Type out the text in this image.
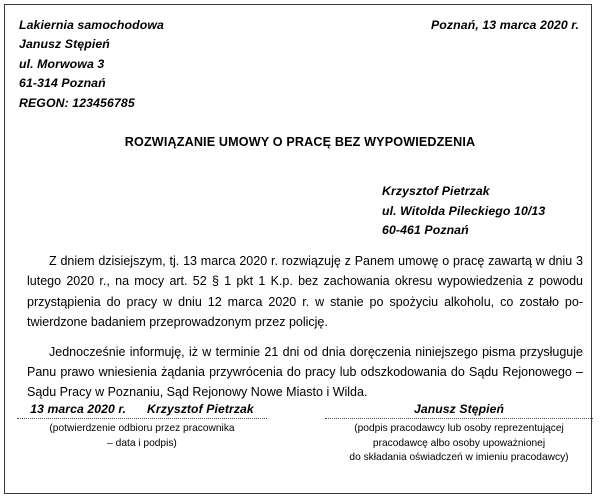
Poznań, 13 marca 2020 r.
Lakiernia samochodowa
Janusz Stępień
ul. Morwowa 3
61-314 Poznań
REGON: 123456785
ROZWIĄZANIE UMOWY O PRACĘ BEZ WYPOWIEDZENIA
Krzysztof Pietrzak
ul. Witolda Pileckiego 10/13
60-461 Poznań

Z dniem dzisiejszym, tj. 13 marca 2020 r. rozwiązuję z Panem umowę o pracę zawartą w dniu 3 lutego 2020 r., na mocy art. 52 § 1 pkt 1 K.p. bez zachowania okresu wypowiedzenia z powodu przystąpienia do pracy w dniu 12 marca 2020 r. w stanie po spożyciu alkoholu, co zostało potwierdzone badaniem przeprowadzonym przez policję.

Jednocześnie informuję, iż w terminie 21 dni od dnia doręczenia niniejszego pisma przysługuje Panu prawo wniesienia żądania przywrócenia do pracy lub odszkodowania do Sądu Rejonowego – Sądu Pracy w Poznaniu, Sąd Rejonowy Nowe Miasto i Wilda.

13 marca 2020 r. Krzysztof Pietrzak
(potwierdzenie odbioru przez pracownika
– data i podpis)
Janusz Stępień
(podpis pracodawcy lub osoby reprezentującej
pracodawcę albo osoby upoważnionej
do składania oświadczeń w imieniu pracodawcy)
